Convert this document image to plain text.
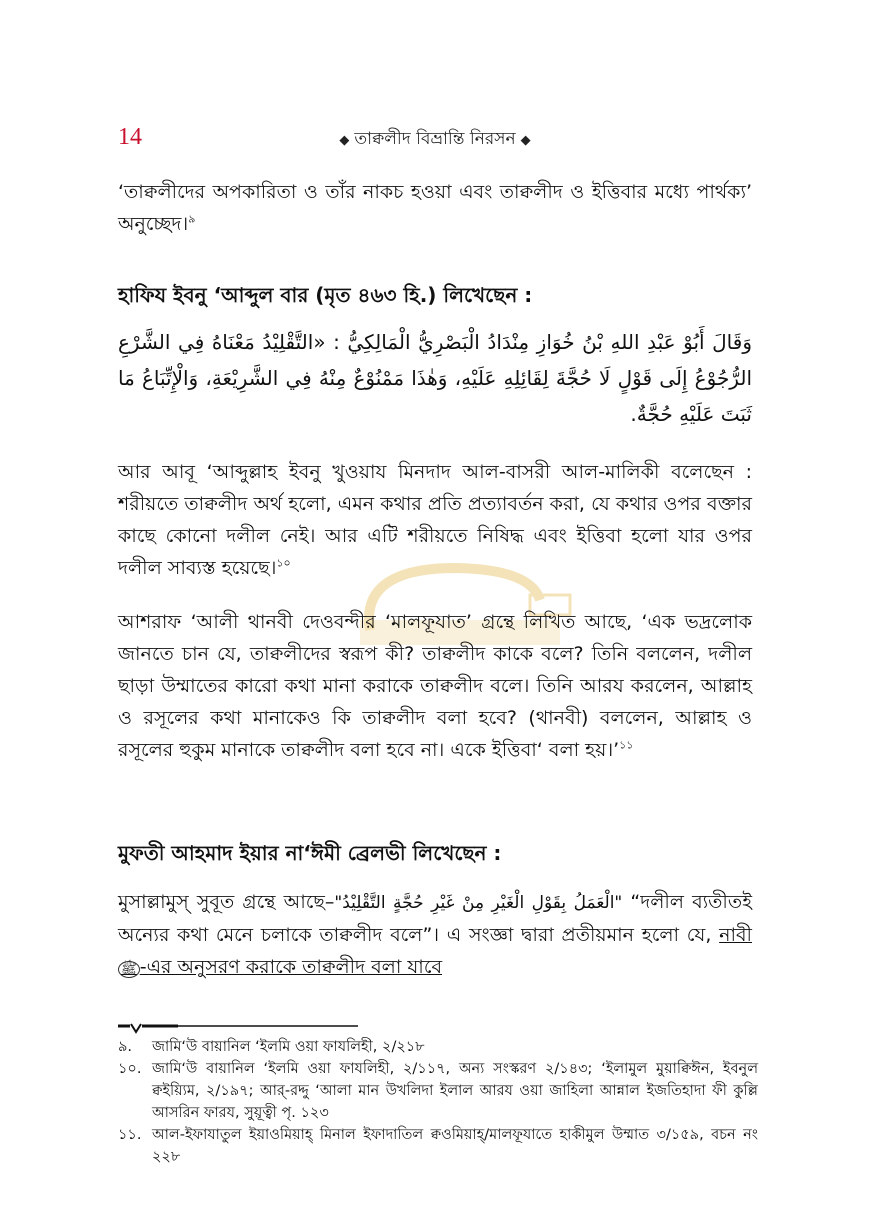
14	◆ তাক্বলীদ বিভ্রান্তি নিরসন ◆

‘তাক্বলীদের অপকারিতা ও তাঁর নাকচ হওয়া এবং তাক্বলীদ ও ইত্তিবার মধ্যে পার্থক্য’ অনুচ্ছেদ।$^৯$

হাফিয ইবনু ‘আব্দুল বার (মৃত ৪৬৩ হি.) লিখেছেন :

وَقَالَ أَبُوْ عَبْدِ اللهِ بْنُ خُوَازِ مِنْدَادُ الْبَصْرِيُّ الْمَالِكِيُّ : «التَّقْلِيْدُ مَعْنَاهُ فِي الشَّرْعِ الرُّجُوْعُ إِلَى قَوْلٍ لَا حُجَّةَ لِقَائِلِهِ عَلَيْهِ، وَهٰذَا مَمْنُوْعٌ مِنْهُ فِي الشَّرِيْعَةِ، وَالْإِتِّبَاعُ مَا ثَبَتَ عَلَيْهِ حُجَّةٌ.

আর আবূ ‘আব্দুল্লাহ ইবনু খুওয়ায মিনদাদ আল-বাসরী আল-মালিকী বলেছেন : শরীয়তে তাক্বলীদ অর্থ হলো, এমন কথার প্রতি প্রত্যাবর্তন করা, যে কথার ওপর বক্তার কাছে কোনো দলীল নেই। আর এটি শরীয়তে নিষিদ্ধ এবং ইত্তিবা হলো যার ওপর দলীল সাব্যস্ত হয়েছে।$^{১০}$

আশরাফ ‘আলী থানবী দেওবন্দীর ‘মালফূযাত’ গ্রন্থে লিখিত আছে, ‘এক ভদ্রলোক জানতে চান যে, তাক্বলীদের স্বরূপ কী? তাক্বলীদ কাকে বলে? তিনি বললেন, দলীল ছাড়া উম্মাতের কারো কথা মানা করাকে তাক্বলীদ বলে। তিনি আরয করলেন, আল্লাহ ও রসূলের কথা মানাকেও কি তাক্বলীদ বলা হবে? (থানবী) বললেন, আল্লাহ ও রসূলের হুকুম মানাকে তাক্বলীদ বলা হবে না। একে ইত্তিবা‘ বলা হয়।’$^{১১}$

মুফতী আহমাদ ইয়ার না‘ঈমী ব্রেলভী লিখেছেন :

মুসাল্লামুস্ সুবূত গ্রন্থে আছে–"الْعَمَلُ بِقَوْلِ الْغَيْرِ مِنْ غَيْرِ حُجَّةٍ التَّقْلِيْدُ" “দলীল ব্যতীতই অন্যের কথা মেনে চলাকে তাক্বলীদ বলে”। এ সংজ্ঞা দ্বারা প্রতীয়মান হলো যে, নাবী ﷺ -এর অনুসরণ করাকে তাক্বলীদ বলা যাবে

৯.	জামি‘উ বায়ানিল ‘ইলমি ওয়া ফাযলিহী, ২/২১৮
১০. জামি‘উ বায়ানিল ‘ইলমি ওয়া ফাযলিহী, ২/১১৭, অন্য সংস্করণ ২/১৪৩; ‘ইলামুল মুয়াক্বিঈন, ইবনুল ক্বইয়্যিম, ২/১৯৭; আর্-রদ্দু ‘আলা মান উখলিদা ইলাল আরয ওয়া জাহিলা আন্নাল ইজতিহাদা ফী কুল্লি আসরিন ফারয, সুয়ূত্বী পৃ. ১২৩
১১. আল-ইফাযাতুল ইয়াওমিয়াহ্ মিনাল ইফাদাতিল ক্বওমিয়াহ্/মালফূযাতে হাকীমুল উম্মাত ৩/১৫৯, বচন নং ২২৮
